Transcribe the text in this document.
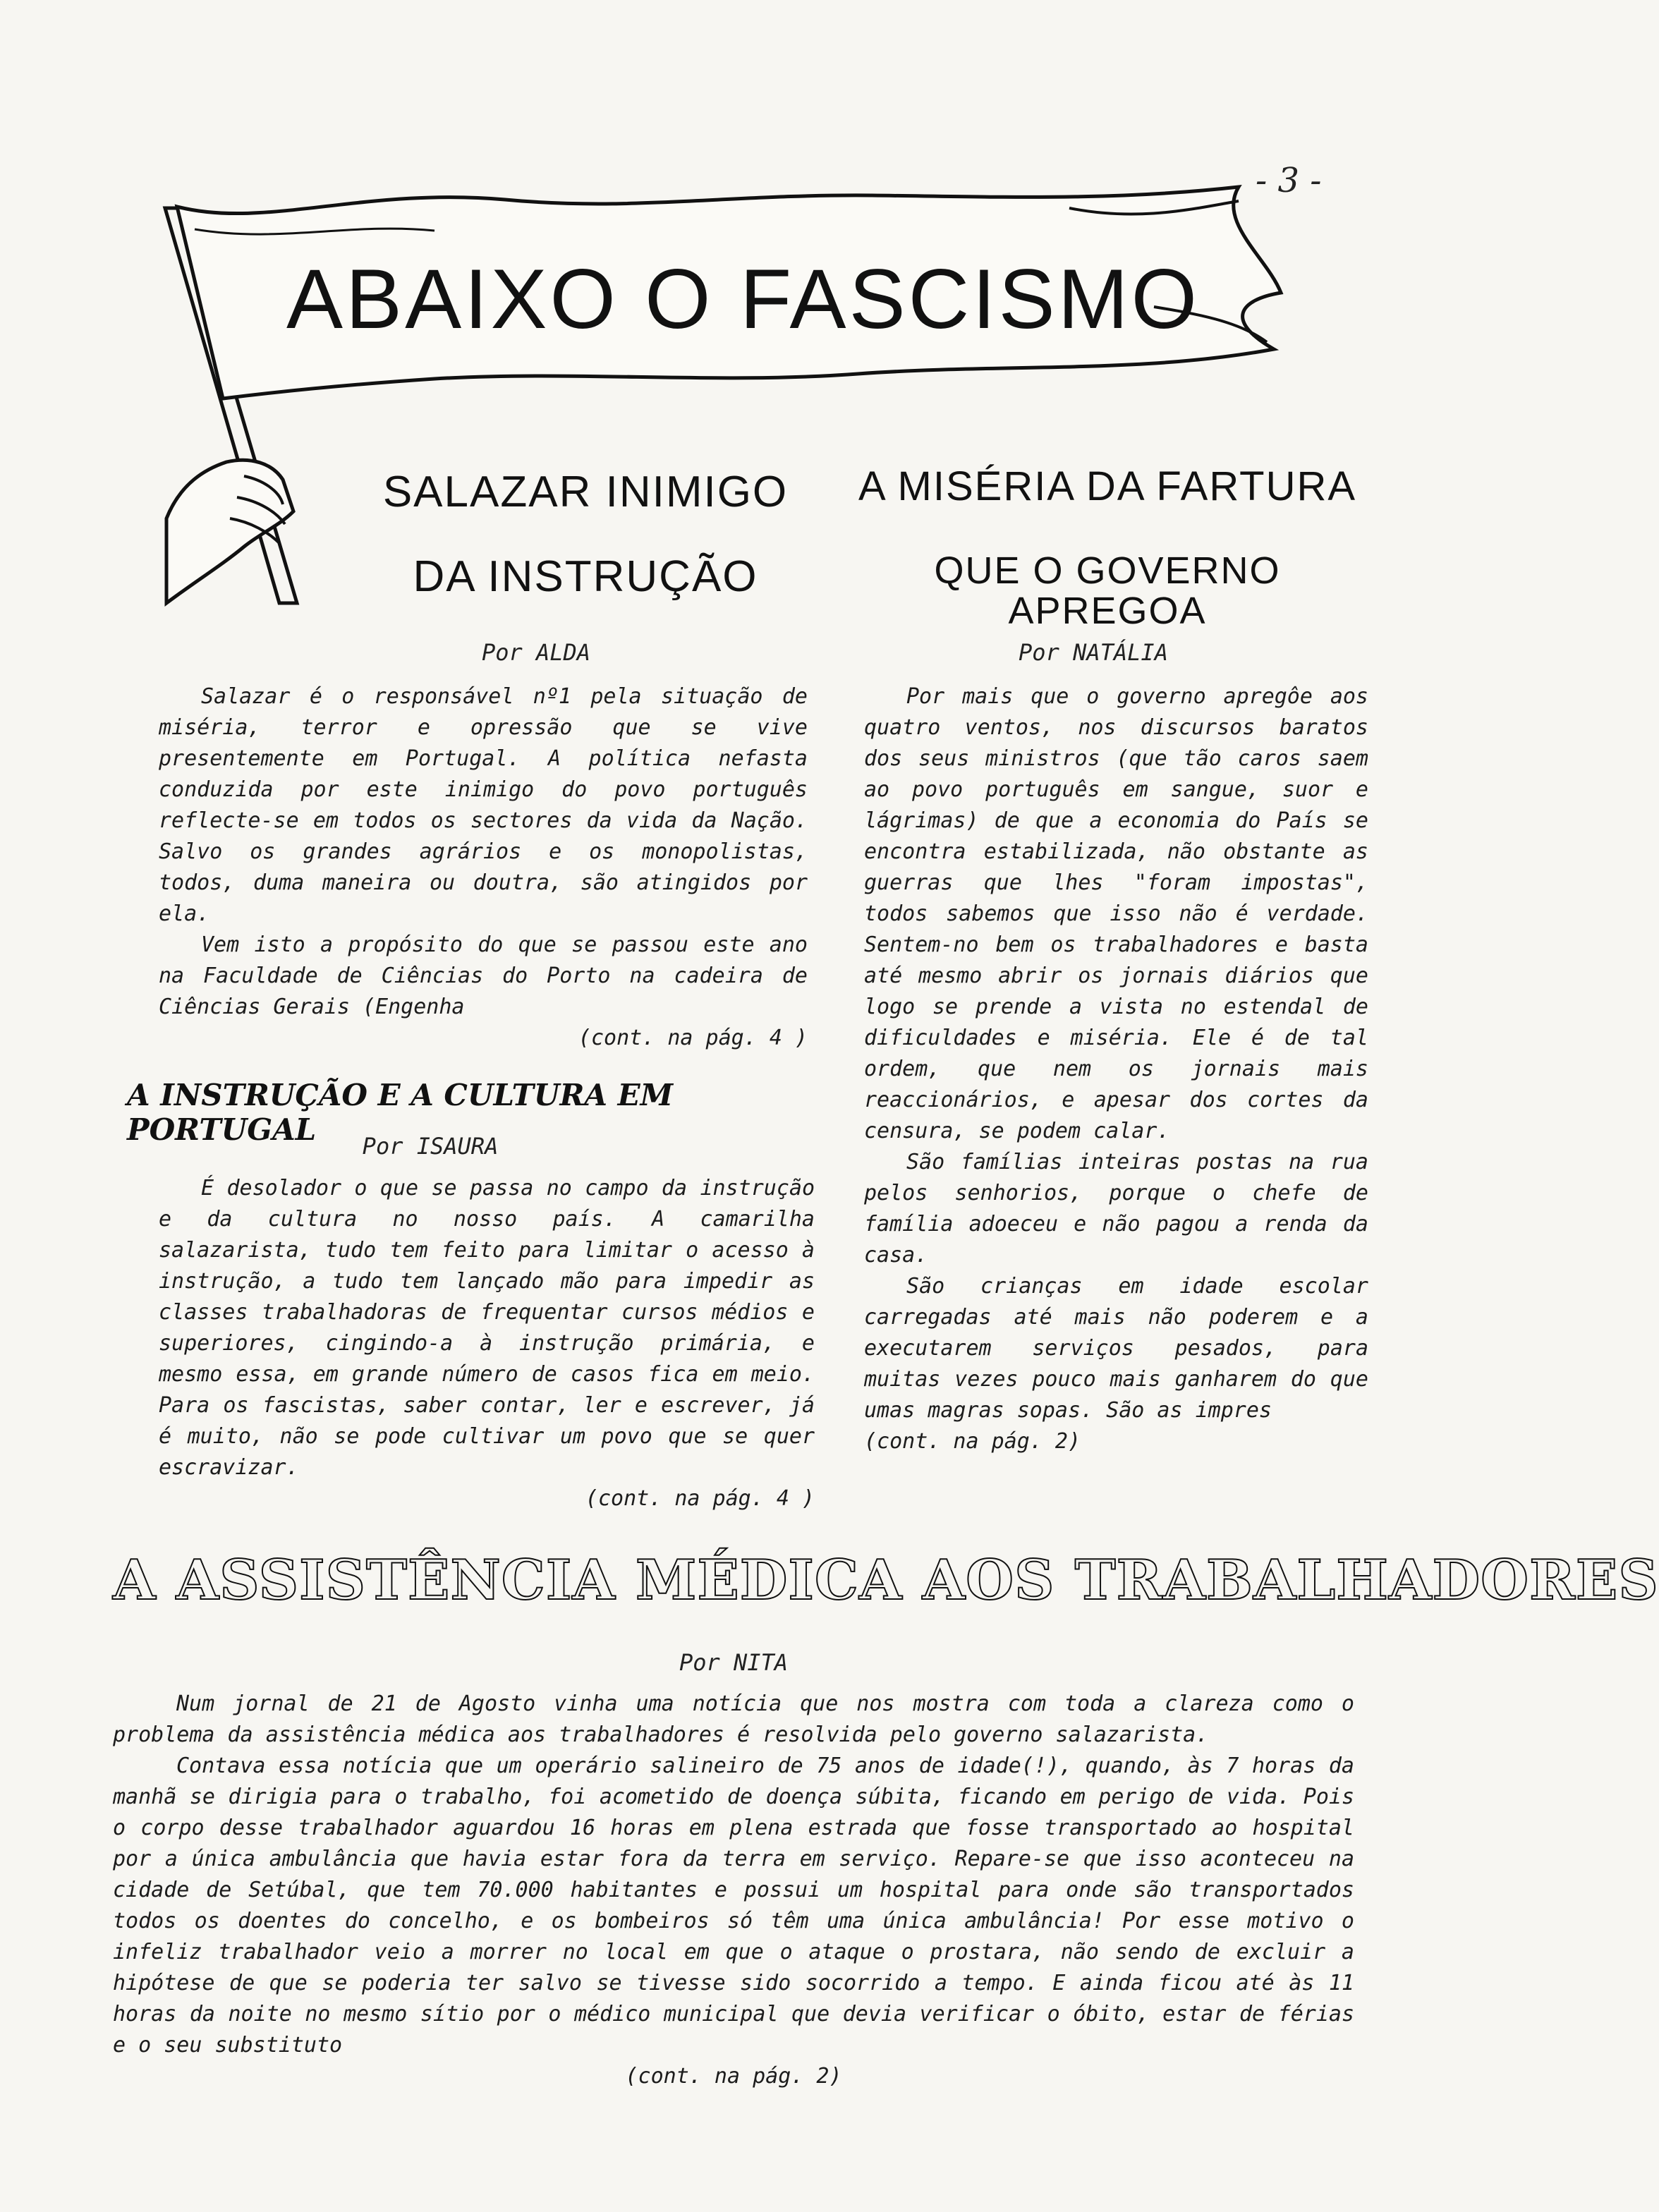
- 3 -
ABAIXO O FASCISMO
SALAZAR INIMIGO
DA INSTRUÇÃO
Por ALDA

Salazar é o responsável nº1 pela situação de miséria, terror e opressão que se vive presentemente em Portugal. A política nefasta conduzida por este inimigo do povo português reflecte-se em todos os sectores da vida da Nação. Salvo os grandes agrários e os monopolistas, todos, duma maneira ou doutra, são atingidos por ela.

Vem isto a propósito do que se passou este ano na Faculdade de Ciências do Porto na cadeira de Ciências Gerais (Engenha

(cont. na pág. 4 )
A INSTRUÇÃO E A CULTURA EM PORTUGAL	Por ISAURA

É desolador o que se passa no campo da instrução e da cultura no nosso país. A camarilha salazarista, tudo tem feito para limitar o acesso à instrução, a tudo tem lançado mão para impedir as classes trabalhadoras de frequentar cursos médios e superiores, cingindo-a à instrução primária, e mesmo essa, em grande número de casos fica em meio. Para os fascistas, saber contar, ler e escrever, já é muito, não se pode cultivar um povo que se quer escravizar.

(cont. na pág. 4 )
A MISÉRIA DA FARTURA
QUE O GOVERNO APREGOA
Por NATÁLIA

Por mais que o governo apregôe aos quatro ventos, nos discursos baratos dos seus ministros (que tão caros saem ao povo português em sangue, suor e lágrimas) de que a economia do País se encontra estabilizada, não obstante as guerras que lhes "foram impostas", todos sabemos que isso não é verdade. Sentem-no bem os trabalhadores e basta até mesmo abrir os jornais diários que logo se prende a vista no estendal de dificuldades e miséria. Ele é de tal ordem, que nem os jornais mais reaccionários, e apesar dos cortes da censura, se podem calar.

São famílias inteiras postas na rua pelos senhorios, porque o chefe de família adoeceu e não pagou a renda da casa.

São crianças em idade escolar carregadas até mais não poderem e a executarem serviços pesados, para muitas vezes pouco mais ganharem do que umas magras sopas. São as impres

(cont. na pág. 2)
A ASSISTÊNCIA MÉDICA AOS TRABALHADORES
Por NITA

Num jornal de 21 de Agosto vinha uma notícia que nos mostra com toda a clareza como o problema da assistência médica aos trabalhadores é resolvida pelo governo salazarista.

Contava essa notícia que um operário salineiro de 75 anos de idade(!), quando, às 7 horas da manhã se dirigia para o trabalho, foi acometido de doença súbita, ficando em perigo de vida. Pois o corpo desse trabalhador aguardou 16 horas em plena estrada que fosse transportado ao hospital por a única ambulância que havia estar fora da terra em serviço. Repare-se que isso aconteceu na cidade de Setúbal, que tem 70.000 habitantes e possui um hospital para onde são transportados todos os doentes do concelho, e os bombeiros só têm uma única ambulância! Por esse motivo o infeliz trabalhador veio a morrer no local em que o ataque o prostara, não sendo de excluir a hipótese de que se poderia ter salvo se tivesse sido socorrido a tempo. E ainda ficou até às 11 horas da noite no mesmo sítio por o médico municipal que devia verificar o óbito, estar de férias e o seu substituto

(cont. na pág. 2)
